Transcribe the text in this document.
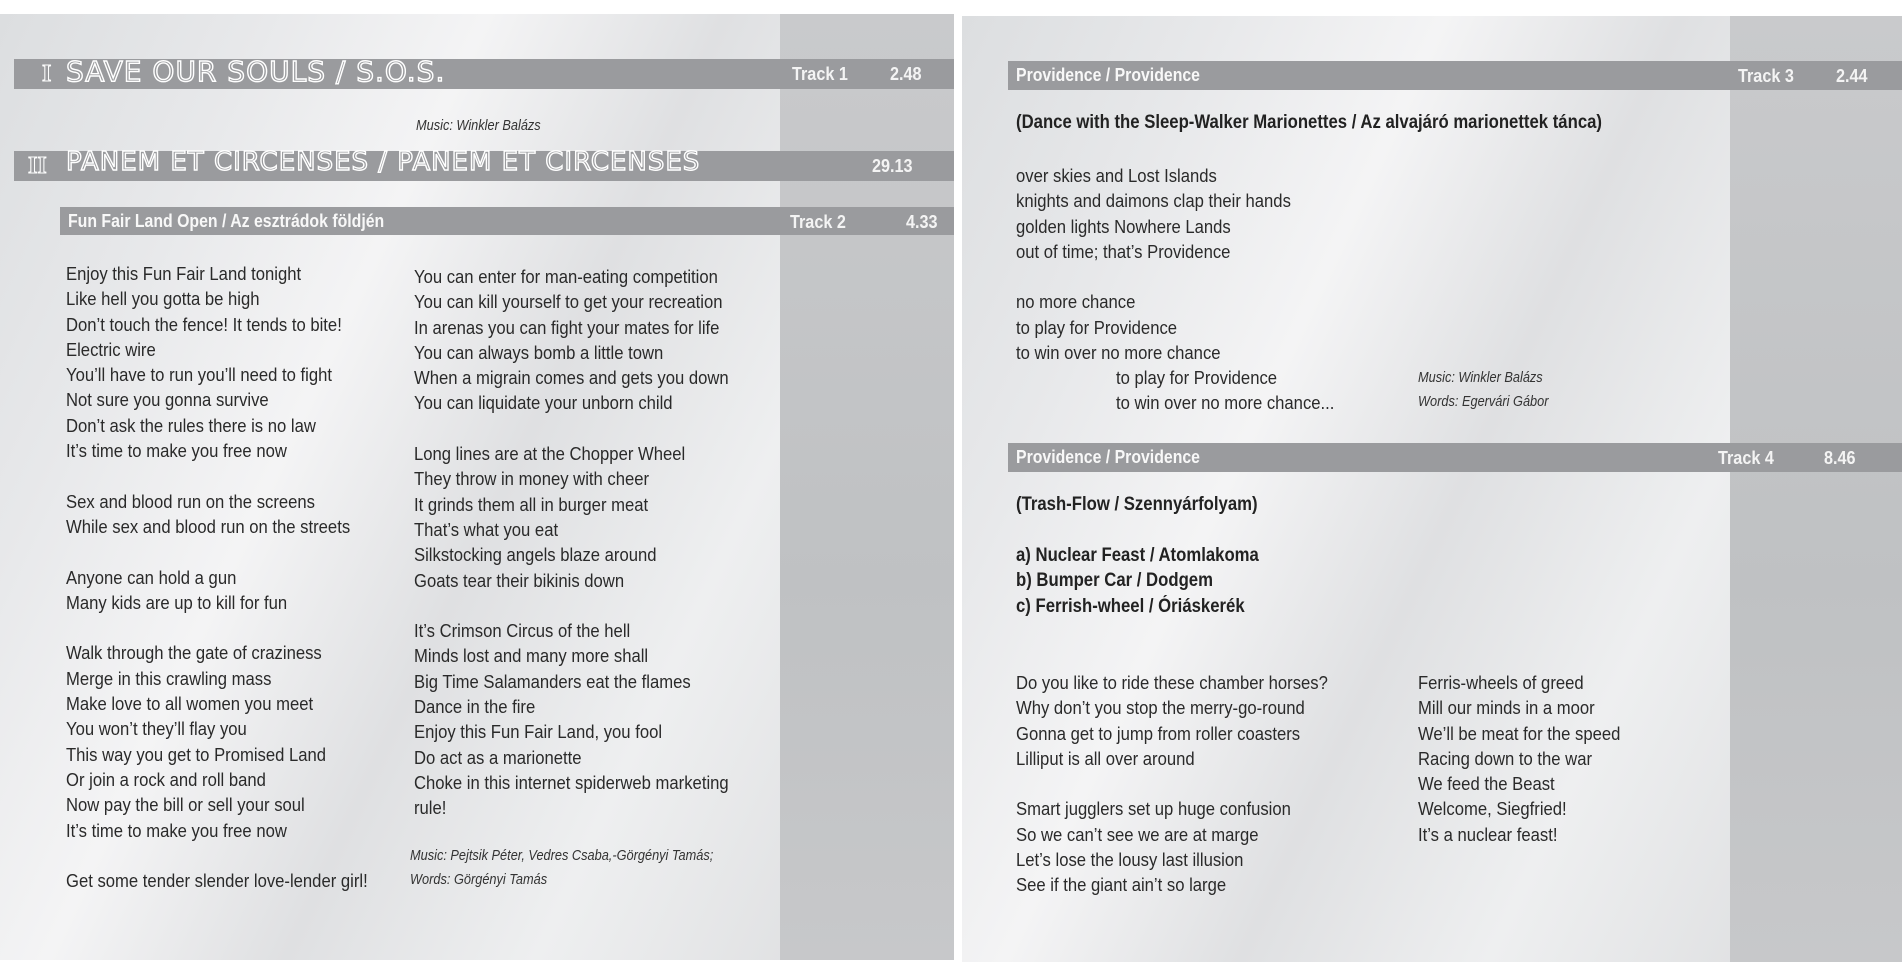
I SAVE OUR SOULS / S.O.S.	Track 1 2.48
Music: Winkler Balázs
II PANEM ET CIRCENSES / PANEM ET CIRCENSES	29.13
Fun Fair Land Open / Az esztrádok földjén	Track 2	4.33
Enjoy this Fun Fair Land tonight
Like hell you gotta be high
Don’t touch the fence! It tends to bite!
Electric wire
You’ll have to run you’ll need to fight
Not sure you gonna survive
Don’t ask the rules there is no law
It’s time to make you free now

Sex and blood run on the screens
While sex and blood run on the streets

Anyone can hold a gun
Many kids are up to kill for fun

Walk through the gate of craziness
Merge in this crawling mass
Make love to all women you meet
You won’t they’ll flay you
This way you get to Promised Land
Or join a rock and roll band
Now pay the bill or sell your soul
It’s time to make you free now

Get some tender slender love-lender girl!
You can enter for man-eating competition
You can kill yourself to get your recreation
In arenas you can fight your mates for life
You can always bomb a little town
When a migrain comes and gets you down
You can liquidate your unborn child

Long lines are at the Chopper Wheel
They throw in money with cheer
It grinds them all in burger meat
That’s what you eat
Silkstocking angels blaze around
Goats tear their bikinis down

It’s Crimson Circus of the hell
Minds lost and many more shall
Big Time Salamanders eat the flames
Dance in the fire
Enjoy this Fun Fair Land, you fool
Do act as a marionette
Choke in this internet spiderweb marketing
rule!
Music: Pejtsik Péter, Vedres Csaba,-Görgényi Tamás;
Words: Görgényi Tamás
Providence / Providence	Track 3 2.44
(Dance with the Sleep-Walker Marionettes / Az alvajáró marionettek tánca)
over skies and Lost Islands
knights and daimons clap their hands
golden lights Nowhere Lands
out of time; that’s Providence

no more chance
to play for Providence
to win over no more chance
to play for Providence
to win over no more chance...
Music: Winkler Balázs
Words: Egervári Gábor
Providence / Providence	Track 4	8.46
(Trash-Flow / Szennyárfolyam)
a) Nuclear Feast / Atomlakoma
b) Bumper Car / Dodgem
c) Ferrish-wheel / Óriáskerék
Do you like to ride these chamber horses?
Why don’t you stop the merry-go-round
Gonna get to jump from roller coasters
Lilliput is all over around

Smart jugglers set up huge confusion
So we can’t see we are at marge
Let’s lose the lousy last illusion
See if the giant ain’t so large
Ferris-wheels of greed
Mill our minds in a moor
We’ll be meat for the speed
Racing down to the war
We feed the Beast
Welcome, Siegfried!
It’s a nuclear feast!
